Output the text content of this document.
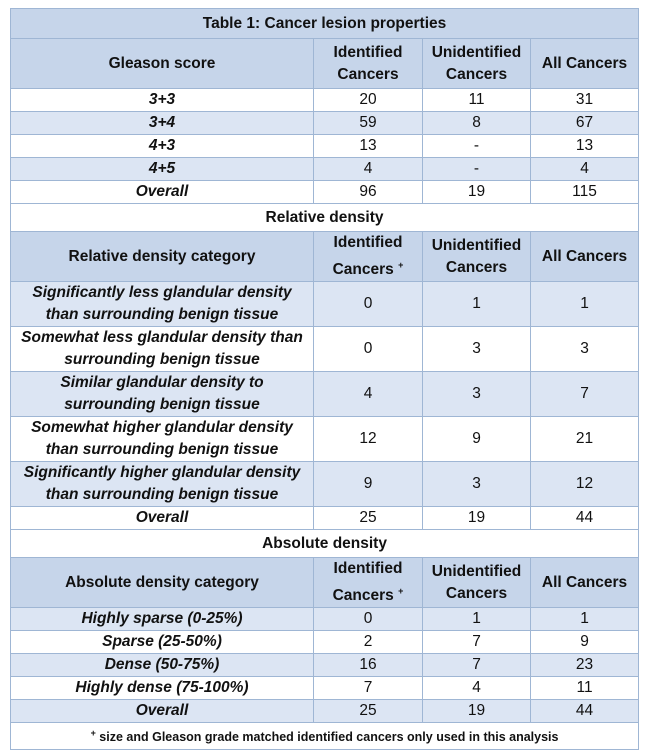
Table 1: Cancer lesion properties			
Gleason score	Identified Cancers	Unidentified Cancers	All Cancers
3+3	20	11	31
3+4	59	8	67
4+3	13	-	13
4+5	4	-	4
Overall	96	19	115
Relative density			
Relative density category	Identified Cancers +	Unidentified Cancers	All Cancers
Significantly less glandular density than surrounding benign tissue	0	1	1
Somewhat less glandular density than surrounding benign tissue	0	3	3
Similar glandular density to surrounding benign tissue	4	3	7
Somewhat higher glandular density than surrounding benign tissue	12	9	21
Significantly higher glandular density than surrounding benign tissue	9	3	12
Overall	25	19	44
Absolute density			
Absolute density category	Identified Cancers +	Unidentified Cancers	All Cancers
Highly sparse (0-25%)	0	1	1
Sparse (25-50%)	2	7	9
Dense (50-75%)	16	7	23
Highly dense (75-100%)	7	4	11
Overall	25	19	44
+ size and Gleason grade matched identified cancers only used in this analysis			
